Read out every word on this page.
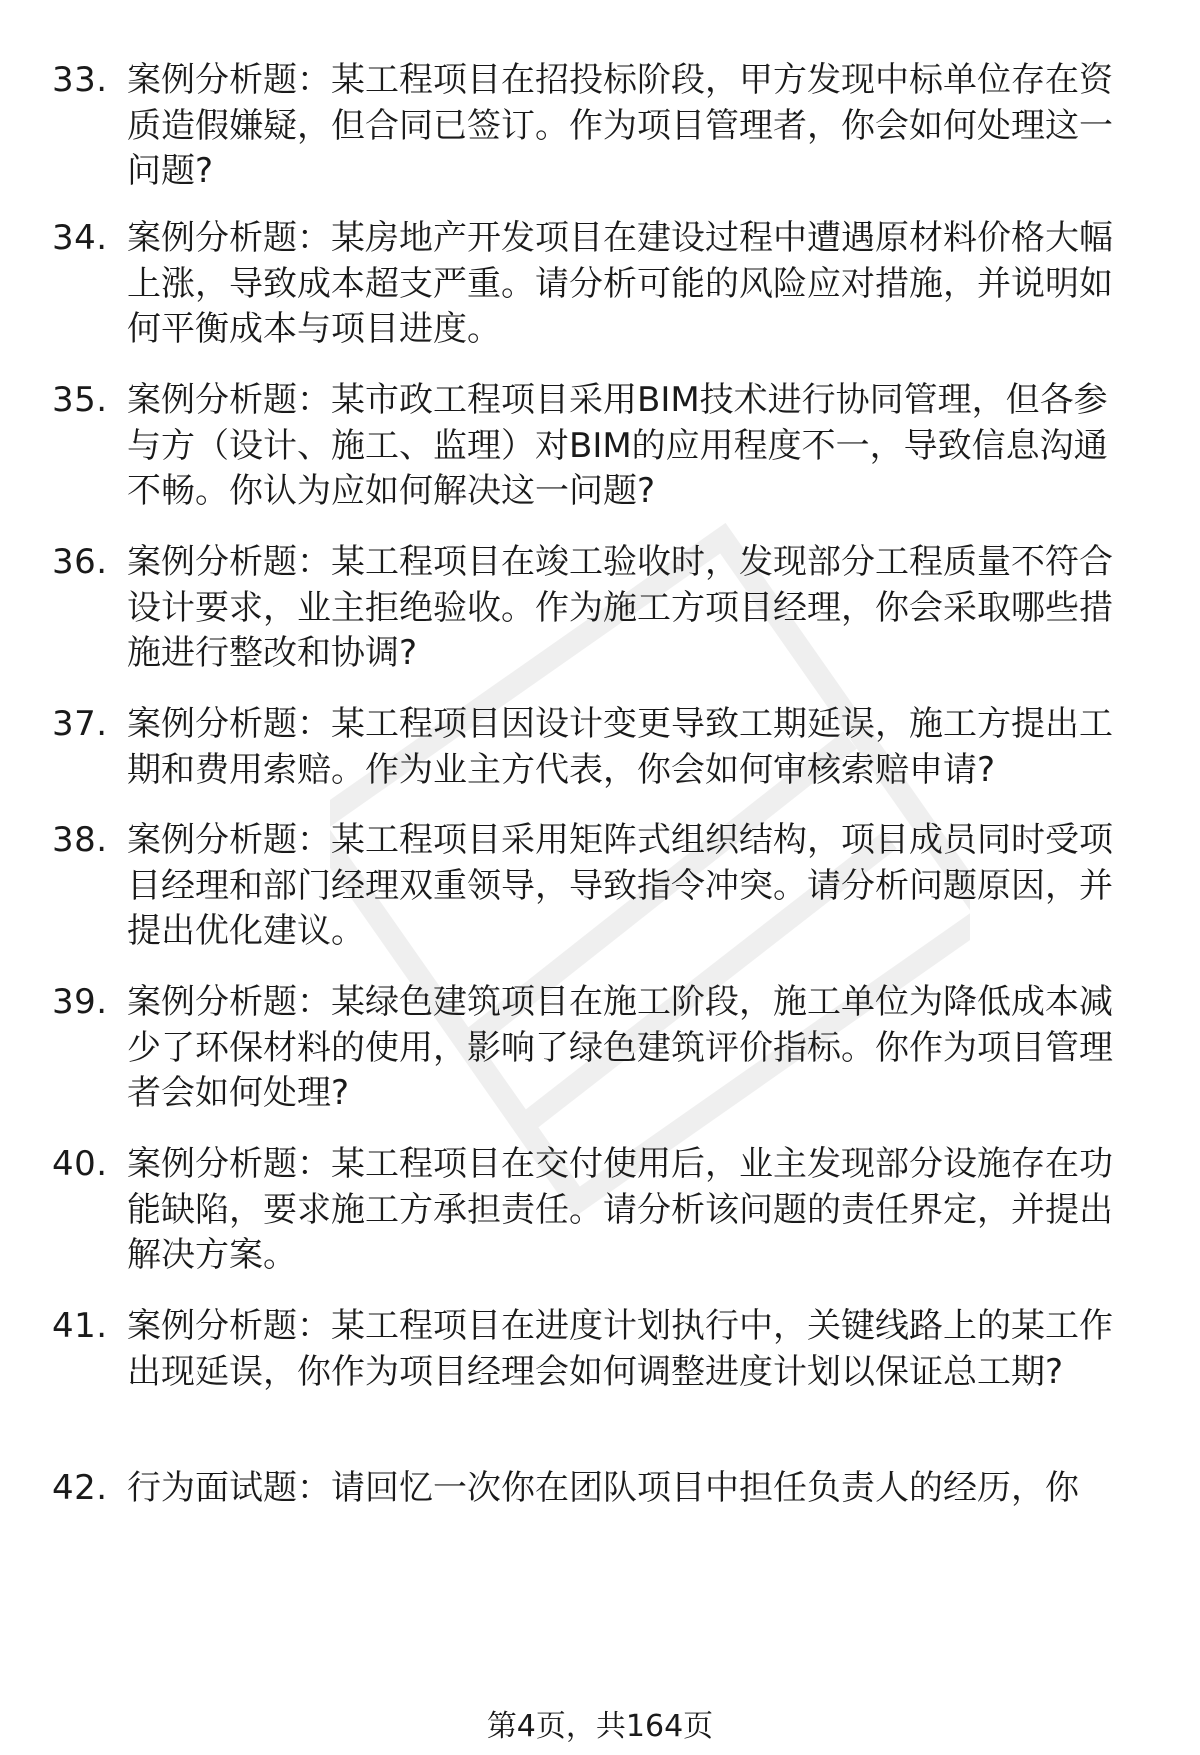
33. 案例分析题：某工程项目在招投标阶段，甲方发现中标单位存在资质造假嫌疑，但合同已签订。作为项目管理者，你会如何处理这一问题?
34. 案例分析题：某房地产开发项目在建设过程中遭遇原材料价格大幅上涨，导致成本超支严重。请分析可能的风险应对措施，并说明如何平衡成本与项目进度。
35. 案例分析题：某市政工程项目采用BIM技术进行协同管理，但各参与方（设计、施工、监理）对BIM的应用程度不一，导致信息沟通不畅。你认为应如何解决这一问题?
36. 案例分析题：某工程项目在竣工验收时，发现部分工程质量不符合设计要求，业主拒绝验收。作为施工方项目经理，你会采取哪些措施进行整改和协调?
37. 案例分析题：某工程项目因设计变更导致工期延误，施工方提出工期和费用索赔。作为业主方代表，你会如何审核索赔申请?
38. 案例分析题：某工程项目采用矩阵式组织结构，项目成员同时受项目经理和部门经理双重领导，导致指令冲突。请分析问题原因，并提出优化建议。
39. 案例分析题：某绿色建筑项目在施工阶段，施工单位为降低成本减少了环保材料的使用，影响了绿色建筑评价指标。你作为项目管理者会如何处理?
40. 案例分析题：某工程项目在交付使用后，业主发现部分设施存在功能缺陷，要求施工方承担责任。请分析该问题的责任界定，并提出解决方案。
41. 案例分析题：某工程项目在进度计划执行中，关键线路上的某工作出现延误，你作为项目经理会如何调整进度计划以保证总工期?
42. 行为面试题：请回忆一次你在团队项目中担任负责人的经历，你
第4页，共164页
